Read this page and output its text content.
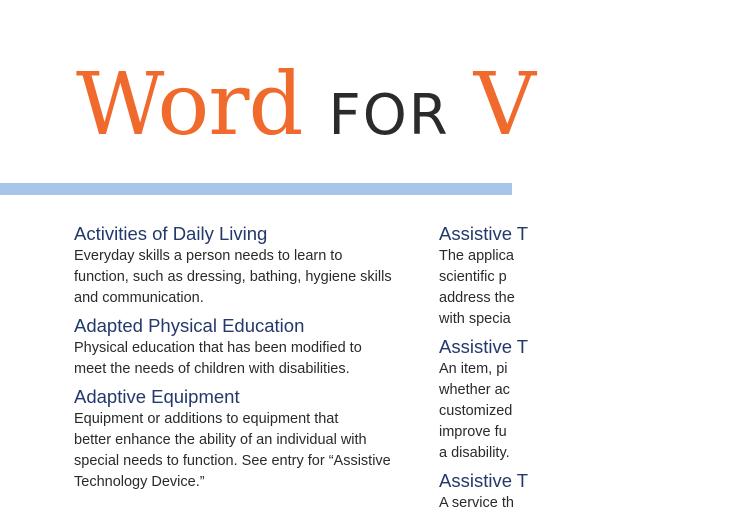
Word FOR V
Activities of Daily Living
Everyday skills a person needs to learn to
function, such as dressing, bathing, hygiene skills
and communication.
Adapted Physical Education
Physical education that has been modified to
meet the needs of children with disabilities.
Adaptive Equipment
Equipment or additions to equipment that
better enhance the ability of an individual with
special needs to function. See entry for “Assistive
Technology Device.”
Assistive T
The applica
scientific p
address the
with specia
Assistive T
An item, pi
whether ac
customized
improve fu
a disability.
Assistive T
A service th
